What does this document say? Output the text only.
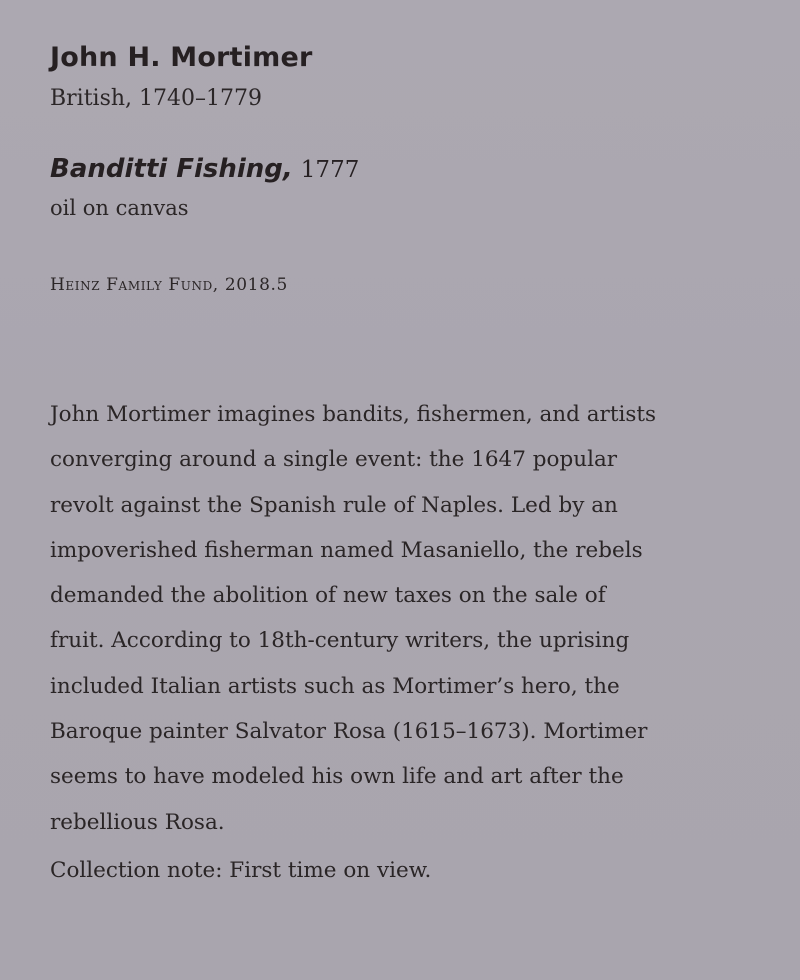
John H. Mortimer
British, 1740–1779
Banditti Fishing, 1777
oil on canvas
Heinz Family Fund, 2018.5
John Mortimer imagines bandits, fishermen, and artists
converging around a single event: the 1647 popular
revolt against the Spanish rule of Naples. Led by an
impoverished fisherman named Masaniello, the rebels
demanded the abolition of new taxes on the sale of
fruit. According to 18th-century writers, the uprising
included Italian artists such as Mortimer’s hero, the
Baroque painter Salvator Rosa (1615–1673). Mortimer
seems to have modeled his own life and art after the
rebellious Rosa.
Collection note: First time on view.
